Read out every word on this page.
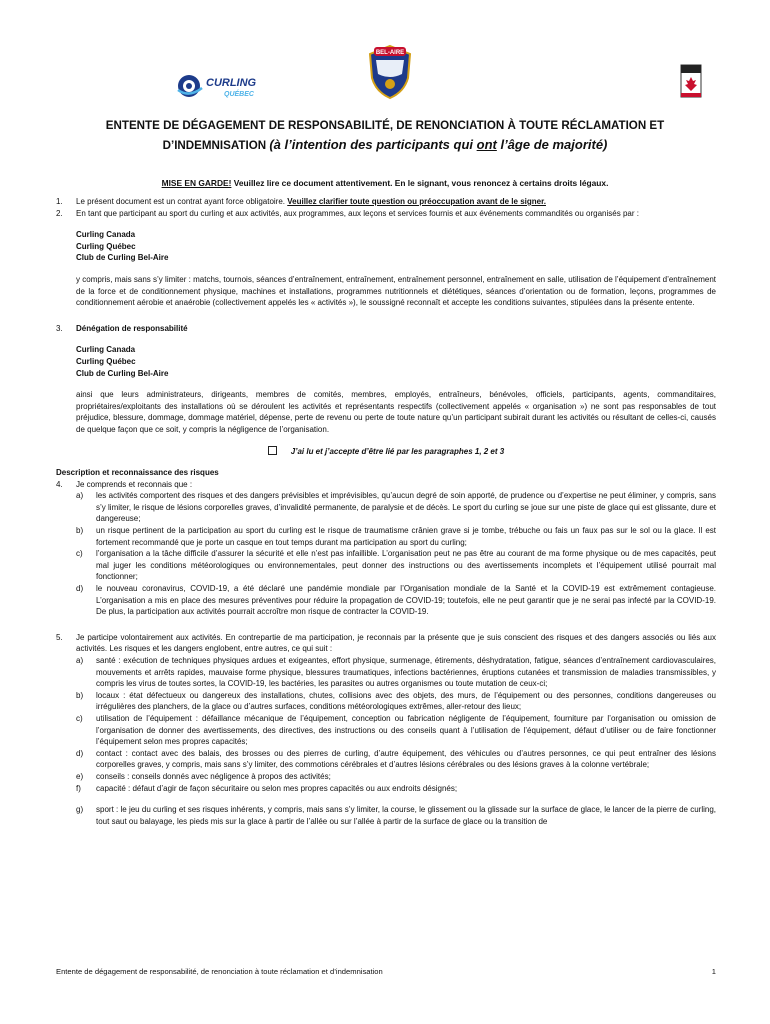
CURLING
QUÉBEC
BEL-AIRE
ENTENTE DE DÉGAGEMENT DE RESPONSABILITÉ, DE RENONCIATION À TOUTE RÉCLAMATION ET
D’INDEMNISATION (à l’intention des participants qui ont l’âge de majorité)
MISE EN GARDE! Veuillez lire ce document attentivement. En le signant, vous renoncez à certains droits légaux.
1.	Le présent document est un contrat ayant force obligatoire. Veuillez clarifier toute question ou préoccupation avant de le signer.
2.	En tant que participant au sport du curling et aux activités, aux programmes, aux leçons et services fournis et aux événements commandités ou organisés par :
Curling Canada
Curling Québec
Club de Curling Bel-Aire
y compris, mais sans s’y limiter : matchs, tournois, séances d’entraînement, entraînement, entraînement personnel, entraînement en salle, utilisation de l’équipement d’entraînement de la force et de conditionnement physique, machines et installations, programmes nutritionnels et diététiques, séances d’orientation ou de formation, leçons, programmes de conditionnement aérobie et anaérobie (collectivement appelés les « activités »), le soussigné reconnaît et accepte les conditions suivantes, stipulées dans la présente entente.
3.	Dénégation de responsabilité
Curling Canada
Curling Québec
Club de Curling Bel-Aire
ainsi que leurs administrateurs, dirigeants, membres de comités, membres, employés, entraîneurs, bénévoles, officiels, participants, agents, commanditaires, propriétaires/exploitants des installations où se déroulent les activités et représentants respectifs (collectivement appelés « organisation ») ne sont pas responsables de tout préjudice, blessure, dommage, dommage matériel, dépense, perte de revenu ou perte de toute nature qu’un participant subirait durant les activités ou résultant de celles-ci, causés de quelque façon que ce soit, y compris la négligence de l’organisation.
J’ai lu et j’accepte d’être lié par les paragraphes 1, 2 et 3
Description et reconnaissance des risques
4.	Je comprends et reconnais que :
a)	les activités comportent des risques et des dangers prévisibles et imprévisibles, qu’aucun degré de soin apporté, de prudence ou d’expertise ne peut éliminer, y compris, sans s’y limiter, le risque de lésions corporelles graves, d’invalidité permanente, de paralysie et de décès. Le sport du curling se joue sur une piste de glace qui est glissante, dure et dangereuse;
b)	un risque pertinent de la participation au sport du curling est le risque de traumatisme crânien grave si je tombe, trébuche ou fais un faux pas sur le sol ou la glace. Il est fortement recommandé que je porte un casque en tout temps durant ma participation au sport du curling;
c)	l’organisation a la tâche difficile d’assurer la sécurité et elle n’est pas infaillible. L’organisation peut ne pas être au courant de ma forme physique ou de mes capacités, peut mal juger les conditions météorologiques ou environnementales, peut donner des instructions ou des avertissements incomplets et l’équipement utilisé pourrait mal fonctionner;
d)	le nouveau coronavirus, COVID-19, a été déclaré une pandémie mondiale par l’Organisation mondiale de la Santé et la COVID-19 est extrêmement contagieuse. L’organisation a mis en place des mesures préventives pour réduire la propagation de COVID-19; toutefois, elle ne peut garantir que je ne serai pas infecté par la COVID-19. De plus, la participation aux activités pourrait accroître mon risque de contracter la COVID-19.
5.	Je participe volontairement aux activités. En contrepartie de ma participation, je reconnais par la présente que je suis conscient des risques et des dangers associés ou liés aux activités. Les risques et les dangers englobent, entre autres, ce qui suit :
a)	santé : exécution de techniques physiques ardues et exigeantes, effort physique, surmenage, étirements, déshydratation, fatigue, séances d’entraînement cardiovasculaires, mouvements et arrêts rapides, mauvaise forme physique, blessures traumatiques, infections bactériennes, éruptions cutanées et transmission de maladies transmissibles, y compris les virus de toutes sortes, la COVID-19, les bactéries, les parasites ou autres organismes ou toute mutation de ceux-ci;
b)	locaux : état défectueux ou dangereux des installations, chutes, collisions avec des objets, des murs, de l’équipement ou des personnes, conditions dangereuses ou irrégulières des planchers, de la glace ou d’autres surfaces, conditions météorologiques extrêmes, aller-retour des lieux;
c)	utilisation de l’équipement : défaillance mécanique de l’équipement, conception ou fabrication négligente de l’équipement, fourniture par l’organisation ou omission de l’organisation de donner des avertissements, des directives, des instructions ou des conseils quant à l’utilisation de l’équipement, défaut d’utiliser ou de faire fonctionner l’équipement selon mes propres capacités;
d)	contact : contact avec des balais, des brosses ou des pierres de curling, d’autre équipement, des véhicules ou d’autres personnes, ce qui peut entraîner des lésions corporelles graves, y compris, mais sans s’y limiter, des commotions cérébrales et d’autres lésions cérébrales ou des lésions graves à la colonne vertébrale;
e)	conseils : conseils donnés avec négligence à propos des activités;
f)	capacité : défaut d’agir de façon sécuritaire ou selon mes propres capacités ou aux endroits désignés;
g)	sport : le jeu du curling et ses risques inhérents, y compris, mais sans s’y limiter, la course, le glissement ou la glissade sur la surface de glace, le lancer de la pierre de curling, tout saut ou balayage, les pieds mis sur la glace à partir de l’allée ou sur l’allée à partir de la surface de glace ou la transition de
Entente de dégagement de responsabilité, de renonciation à toute réclamation et d’indemnisation	1
